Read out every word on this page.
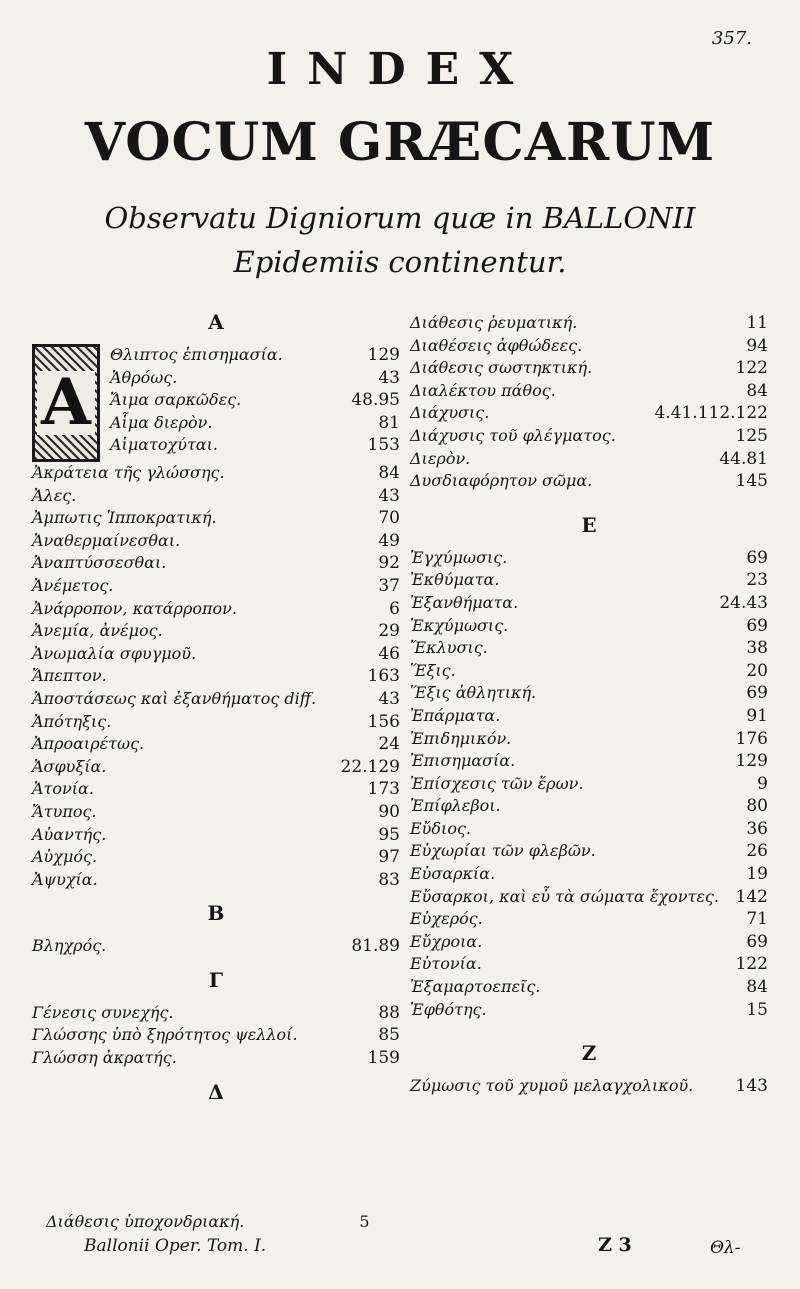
357.
INDEX
VOCUM GRÆCARUM
Observatu Digniorum quæ in BALLONII
Epidemiis continentur.
A
A
Θλιπτος ἐπισημασία.	129
Ἀθρόως.	43
Ἄιμα σαρκῶδες.	48.95
Αἷμα διερὸν.	81
Αἱματοχύται.	153
Ἀκράτεια τῆς γλώσσης.	84
Ἀλες.	43
Ἀμπωτις Ἱπποκρατική.	70
Ἀναθερμαίνεσθαι.	49
Ἀναπτύσσεσθαι.	92
Ἀνέμετος.	37
Ἀνάρροπον, κατάρροπον.	6
Ἀνεμία, ἀνέμος.	29
Ἀνωμαλία σφυγμοῦ.	46
Ἄπεπτον.	163
Ἀποστάσεως καὶ ἐξανθήματος diff.	43
Ἀπότηξις.	156
Ἀπροαιρέτως.	24
Ἀσφυξία.	22.129
Ἀτονία.	173
Ἄτυπος.	90
Αὐαντής.	95
Αὐχμός.	97
Ἀψυχία.	83
B
Βληχρός.	81.89
Γ
Γένεσις συνεχής.	88
Γλώσσης ὑπὸ ξηρότητος ψελλοί.	85
Γλώσση ἀκρατής.	159
Δ
Διάθεσις ῥευματική.	11
Διαθέσεις ἀφθώδεες.	94
Διάθεσις σωστηκτική.	122
Διαλέκτου πάθος.	84
Διάχυσις.	4.41.112.122
Διάχυσις τοῦ φλέγματος.	125
Διερὸν.	44.81
Δυσδιαφόρητον σῶμα.	145
E
Ἐγχύμωσις.	69
Ἐκθύματα.	23
Ἐξανθήματα.	24.43
Ἐκχύμωσις.	69
Ἔκλυσις.	38
Ἕξις.	20
Ἕξις ἀθλητική.	69
Ἐπάρματα.	91
Ἐπιδημικόν.	176
Ἐπισημασία.	129
Ἐπίσχεσις τῶν ἔρων.	9
Ἐπίφλεβοι.	80
Εὔδιος.	36
Εὐχωρίαι τῶν φλεβῶν.	26
Εὐσαρκία.	19
Εὔσαρκοι, καὶ εὖ τὰ σώματα ἔχοντες. 142
Εὐχερός.	71
Εὔχροια.	69
Εὐτονία.	122
Ἐξαμαρτοεπεῖς.	84
Ἐφθότης.	15
Z
Ζύμωσις τοῦ χυμοῦ μελαγχολικοῦ. 143
Διάθεσις ὑποχονδριακή.	5
Ballonii Oper. Tom. I.	Z 3	Θλ-
